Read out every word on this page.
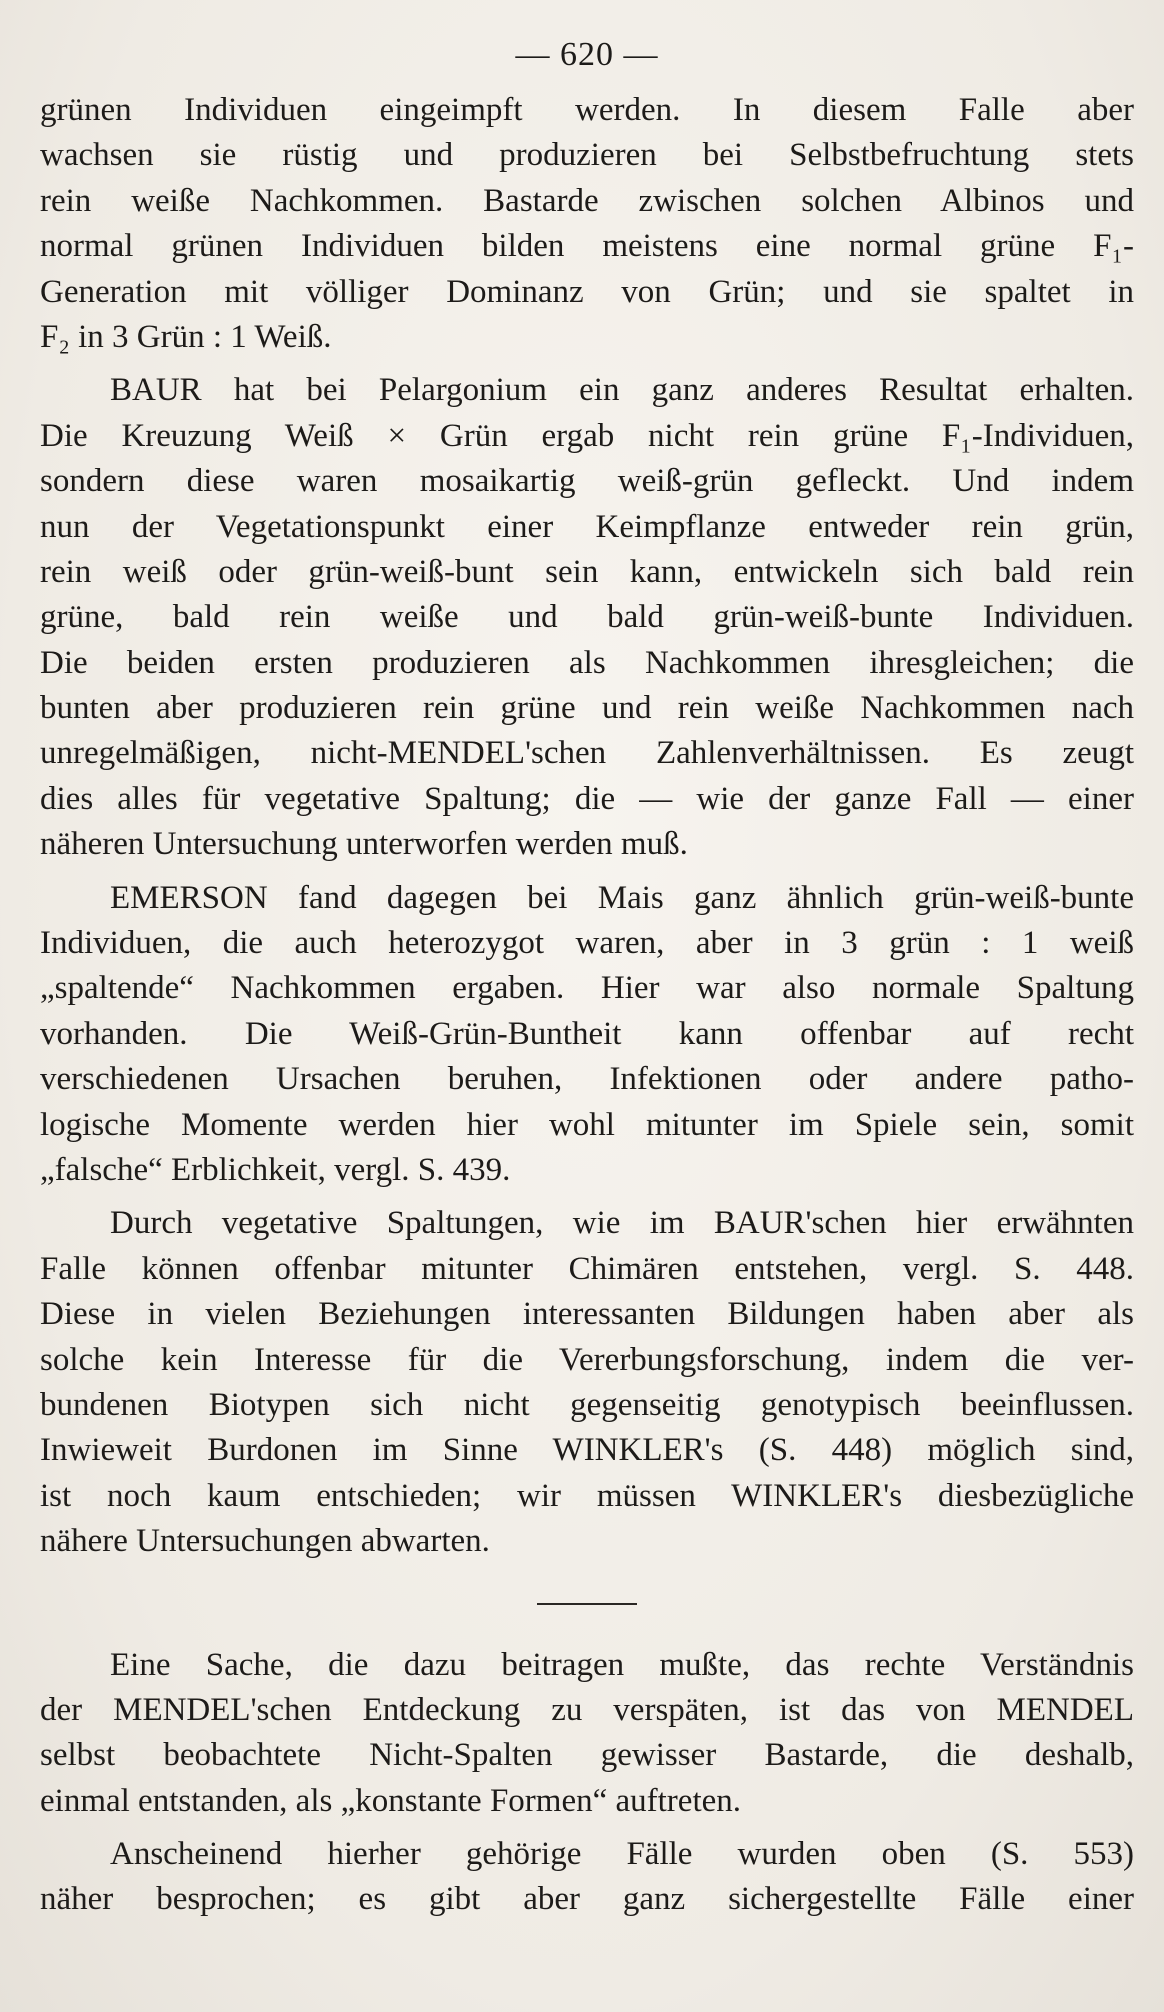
— 620 —
grünen Individuen eingeimpft werden. In diesem Falle aber
wachsen sie rüstig und produzieren bei Selbstbefruchtung stets
rein weiße Nachkommen. Bastarde zwischen solchen Albinos und
normal grünen Individuen bilden meistens eine normal grüne F₁-
Generation mit völliger Dominanz von Grün; und sie spaltet in
F₂ in 3 Grün : 1 Weiß.
BAUR hat bei Pelargonium ein ganz anderes Resultat erhalten.
Die Kreuzung Weiß × Grün ergab nicht rein grüne F₁-Individuen,
sondern diese waren mosaikartig weiß-grün gefleckt. Und indem
nun der Vegetationspunkt einer Keimpflanze entweder rein grün,
rein weiß oder grün-weiß-bunt sein kann, entwickeln sich bald rein
grüne, bald rein weiße und bald grün-weiß-bunte Individuen.
Die beiden ersten produzieren als Nachkommen ihresgleichen; die
bunten aber produzieren rein grüne und rein weiße Nachkommen nach
unregelmäßigen, nicht-MENDEL'schen Zahlenverhältnissen. Es zeugt
dies alles für vegetative Spaltung; die — wie der ganze Fall — einer
näheren Untersuchung unterworfen werden muß.
EMERSON fand dagegen bei Mais ganz ähnlich grün-weiß-bunte
Individuen, die auch heterozygot waren, aber in 3 grün : 1 weiß
„spaltende“ Nachkommen ergaben. Hier war also normale Spaltung
vorhanden. Die Weiß-Grün-Buntheit kann offenbar auf recht
verschiedenen Ursachen beruhen, Infektionen oder andere patho-
logische Momente werden hier wohl mitunter im Spiele sein, somit
„falsche“ Erblichkeit, vergl. S. 439.
Durch vegetative Spaltungen, wie im BAUR'schen hier erwähnten
Falle können offenbar mitunter Chimären entstehen, vergl. S. 448.
Diese in vielen Beziehungen interessanten Bildungen haben aber als
solche kein Interesse für die Vererbungsforschung, indem die ver-
bundenen Biotypen sich nicht gegenseitig genotypisch beeinflussen.
Inwieweit Burdonen im Sinne WINKLER's (S. 448) möglich sind,
ist noch kaum entschieden; wir müssen WINKLER's diesbezügliche
nähere Untersuchungen abwarten.
Eine Sache, die dazu beitragen mußte, das rechte Verständnis
der MENDEL'schen Entdeckung zu verspäten, ist das von MENDEL
selbst beobachtete Nicht-Spalten gewisser Bastarde, die deshalb,
einmal entstanden, als „konstante Formen“ auftreten.
Anscheinend hierher gehörige Fälle wurden oben (S. 553)
näher besprochen; es gibt aber ganz sichergestellte Fälle einer
